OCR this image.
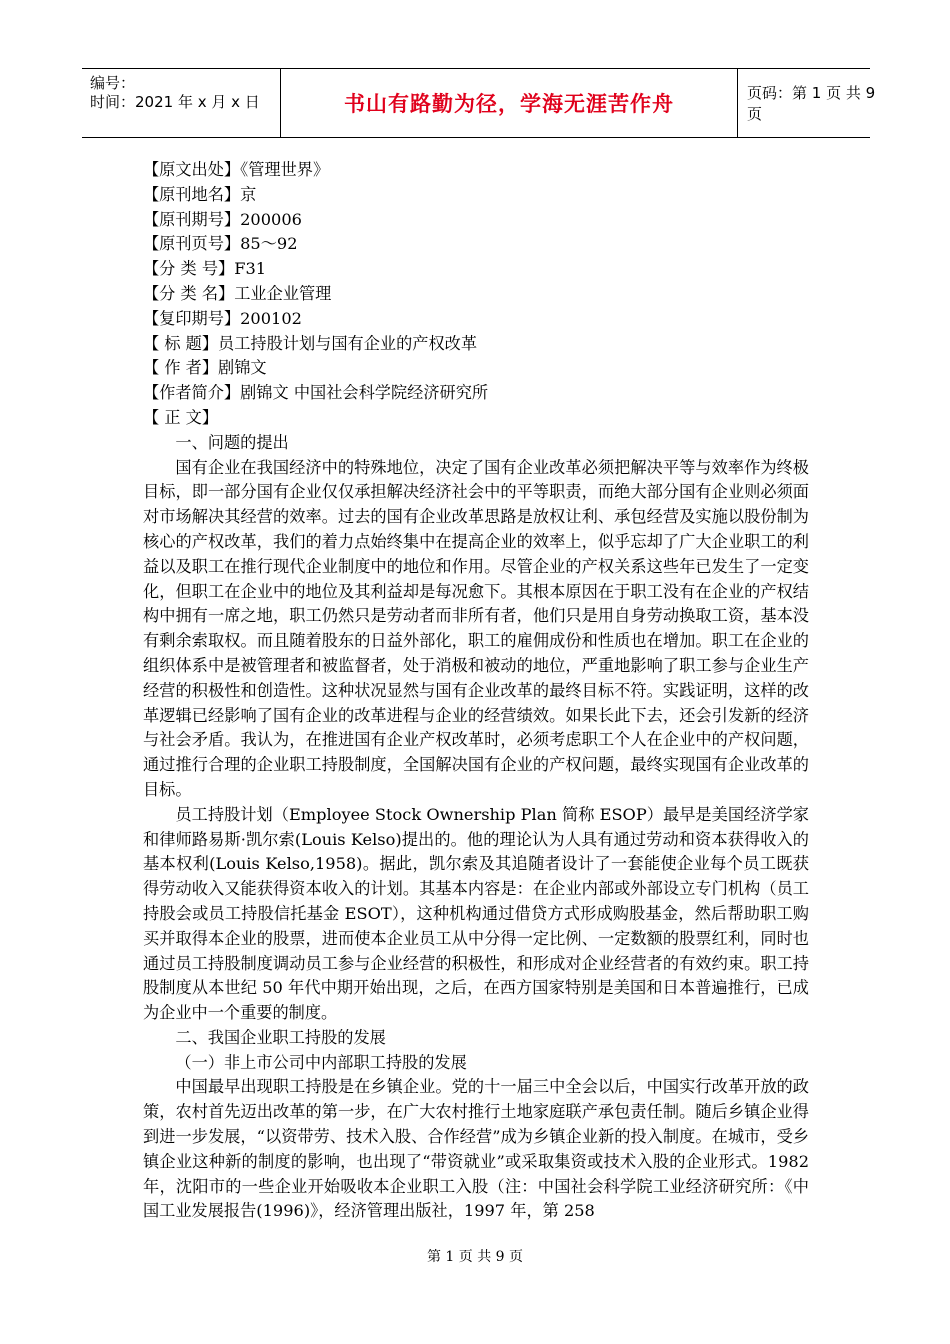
编号：
时间：2021 年 x 月 x 日	书山有路勤为径，学海无涯苦作舟	页码：第 1 页 共 9 页
【原文出处】《管理世界》
【原刊地名】京
【原刊期号】200006
【原刊页号】85～92
【分 类 号】F31
【分 类 名】工业企业管理
【复印期号】200102
【 标 题】员工持股计划与国有企业的产权改革
【 作 者】剧锦文
【作者简介】剧锦文 中国社会科学院经济研究所
【 正 文】

一、问题的提出

国有企业在我国经济中的特殊地位，决定了国有企业改革必须把解决平等与效率作为终极目标，即一部分国有企业仅仅承担解决经济社会中的平等职责，而绝大部分国有企业则必须面对市场解决其经营的效率。过去的国有企业改革思路是放权让利、承包经营及实施以股份制为核心的产权改革，我们的着力点始终集中在提高企业的效率上，似乎忘却了广大企业职工的利益以及职工在推行现代企业制度中的地位和作用。尽管企业的产权关系这些年已发生了一定变化，但职工在企业中的地位及其利益却是每况愈下。其根本原因在于职工没有在企业的产权结构中拥有一席之地，职工仍然只是劳动者而非所有者，他们只是用自身劳动换取工资，基本没有剩余索取权。而且随着股东的日益外部化，职工的雇佣成份和性质也在增加。职工在企业的组织体系中是被管理者和被监督者，处于消极和被动的地位，严重地影响了职工参与企业生产经营的积极性和创造性。这种状况显然与国有企业改革的最终目标不符。实践证明，这样的改革逻辑已经影响了国有企业的改革进程与企业的经营绩效。如果长此下去，还会引发新的经济与社会矛盾。我认为，在推进国有企业产权改革时，必须考虑职工个人在企业中的产权问题，通过推行合理的企业职工持股制度，全国解决国有企业的产权问题，最终实现国有企业改革的目标。

员工持股计划（Employee Stock Ownership Plan 简称 ESOP）最早是美国经济学家和律师路易斯·凯尔索(Louis Kelso)提出的。他的理论认为人具有通过劳动和资本获得收入的基本权利(Louis Kelso,1958)。据此，凯尔索及其追随者设计了一套能使企业每个员工既获得劳动收入又能获得资本收入的计划。其基本内容是：在企业内部或外部设立专门机构（员工持股会或员工持股信托基金 ESOT），这种机构通过借贷方式形成购股基金，然后帮助职工购买并取得本企业的股票，进而使本企业员工从中分得一定比例、一定数额的股票红利，同时也通过员工持股制度调动员工参与企业经营的积极性，和形成对企业经营者的有效约束。职工持股制度从本世纪 50 年代中期开始出现，之后，在西方国家特别是美国和日本普遍推行，已成为企业中一个重要的制度。

二、我国企业职工持股的发展

（一）非上市公司中内部职工持股的发展

中国最早出现职工持股是在乡镇企业。党的十一届三中全会以后，中国实行改革开放的政策，农村首先迈出改革的第一步，在广大农村推行土地家庭联产承包责任制。随后乡镇企业得到进一步发展，“以资带劳、技术入股、合作经营”成为乡镇企业新的投入制度。在城市，受乡镇企业这种新的制度的影响，也出现了“带资就业”或采取集资或技术入股的企业形式。1982 年，沈阳市的一些企业开始吸收本企业职工入股（注：中国社会科学院工业经济研究所：《中国工业发展报告(1996)》，经济管理出版社，1997 年，第 258

第 1 页 共 9 页
